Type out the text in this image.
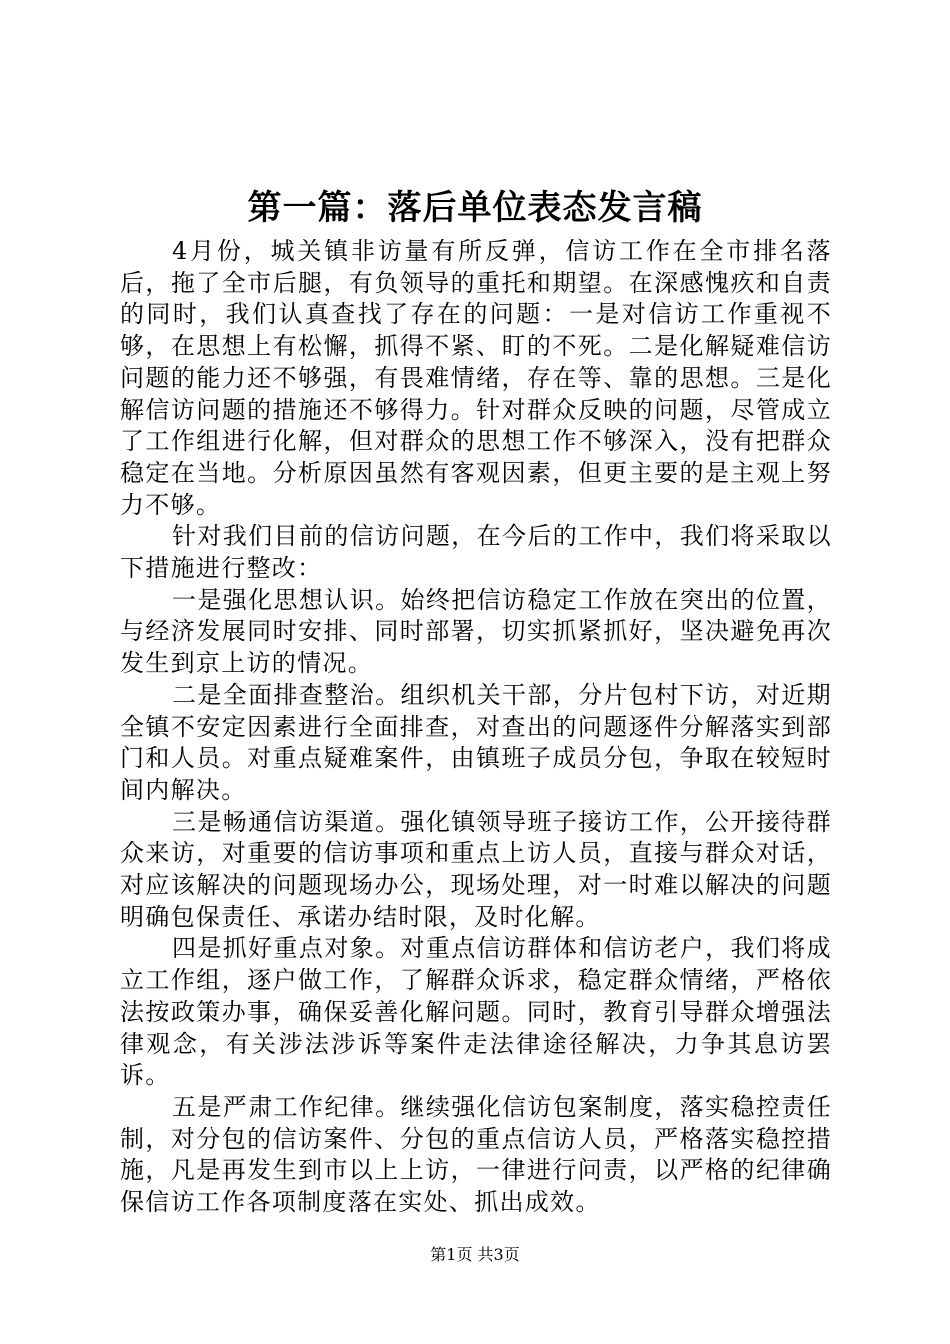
第一篇：落后单位表态发言稿

4月份，城关镇非访量有所反弹，信访工作在全市排名落后，拖了全市后腿，有负领导的重托和期望。在深感愧疚和自责的同时，我们认真查找了存在的问题：一是对信访工作重视不够，在思想上有松懈，抓得不紧、盯的不死。二是化解疑难信访问题的能力还不够强，有畏难情绪，存在等、靠的思想。三是化解信访问题的措施还不够得力。针对群众反映的问题，尽管成立了工作组进行化解，但对群众的思想工作不够深入，没有把群众稳定在当地。分析原因虽然有客观因素，但更主要的是主观上努力不够。

针对我们目前的信访问题，在今后的工作中，我们将采取以下措施进行整改：

一是强化思想认识。始终把信访稳定工作放在突出的位置，与经济发展同时安排、同时部署，切实抓紧抓好，坚决避免再次发生到京上访的情况。

二是全面排查整治。组织机关干部，分片包村下访，对近期全镇不安定因素进行全面排查，对查出的问题逐件分解落实到部门和人员。对重点疑难案件，由镇班子成员分包，争取在较短时间内解决。

三是畅通信访渠道。强化镇领导班子接访工作，公开接待群众来访，对重要的信访事项和重点上访人员，直接与群众对话，对应该解决的问题现场办公，现场处理，对一时难以解决的问题明确包保责任、承诺办结时限，及时化解。

四是抓好重点对象。对重点信访群体和信访老户，我们将成立工作组，逐户做工作，了解群众诉求，稳定群众情绪，严格依法按政策办事，确保妥善化解问题。同时，教育引导群众增强法律观念，有关涉法涉诉等案件走法律途径解决，力争其息访罢诉。

五是严肃工作纪律。继续强化信访包案制度，落实稳控责任制，对分包的信访案件、分包的重点信访人员，严格落实稳控措施，凡是再发生到市以上上访，一律进行问责，以严格的纪律确保信访工作各项制度落在实处、抓出成效。

第1页 共3页
